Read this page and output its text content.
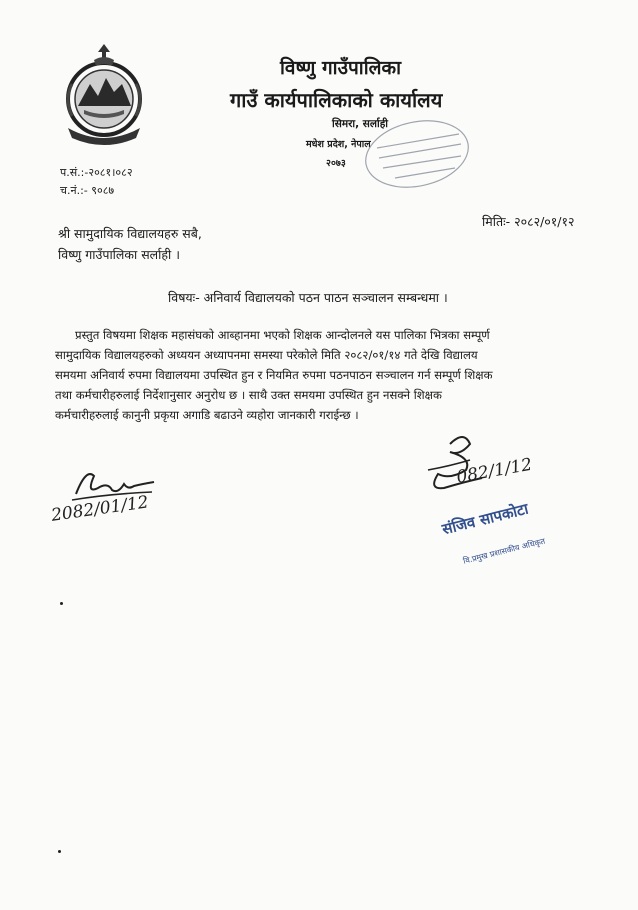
विष्णु गाउँपालिका
गाउँ कार्यपालिकाको कार्यालय
सिमरा, सर्लाही
मधेश प्रदेश, नेपाल
२०७३
प.सं.:-२०८१।०८२
च.नं.:- ९०८७
मितिः- २०८२/०१/१२
श्री सामुदायिक विद्यालयहरु सबै,
विष्णु गाउँपालिका सर्लाही ।
विषयः- अनिवार्य विद्यालयको पठन पाठन सञ्चालन सम्बन्धमा ।
प्रस्तुत विषयमा शिक्षक महासंघको आब्हानमा भएको शिक्षक आन्दोलनले यस पालिका भित्रका सम्पूर्ण
सामुदायिक विद्यालयहरुको अध्ययन अध्यापनमा समस्या परेकोले मिति २०८२/०१/१४ गते देखि विद्यालय
समयमा अनिवार्य रुपमा विद्यालयमा उपस्थित हुन र नियमित रुपमा पठनपाठन सञ्चालन गर्न सम्पूर्ण शिक्षक
तथा कर्मचारीहरुलाई निर्देशानुसार अनुरोध छ । साथै उक्त समयमा उपस्थित हुन नसक्ने शिक्षक
कर्मचारीहरुलाई कानुनी प्रकृया अगाडि बढाउने व्यहोरा जानकारी गराईन्छ ।
2082/01/12
082/1/12
संजिव सापकोटा
वि.प्रमुख प्रशासकीय अधिकृत
